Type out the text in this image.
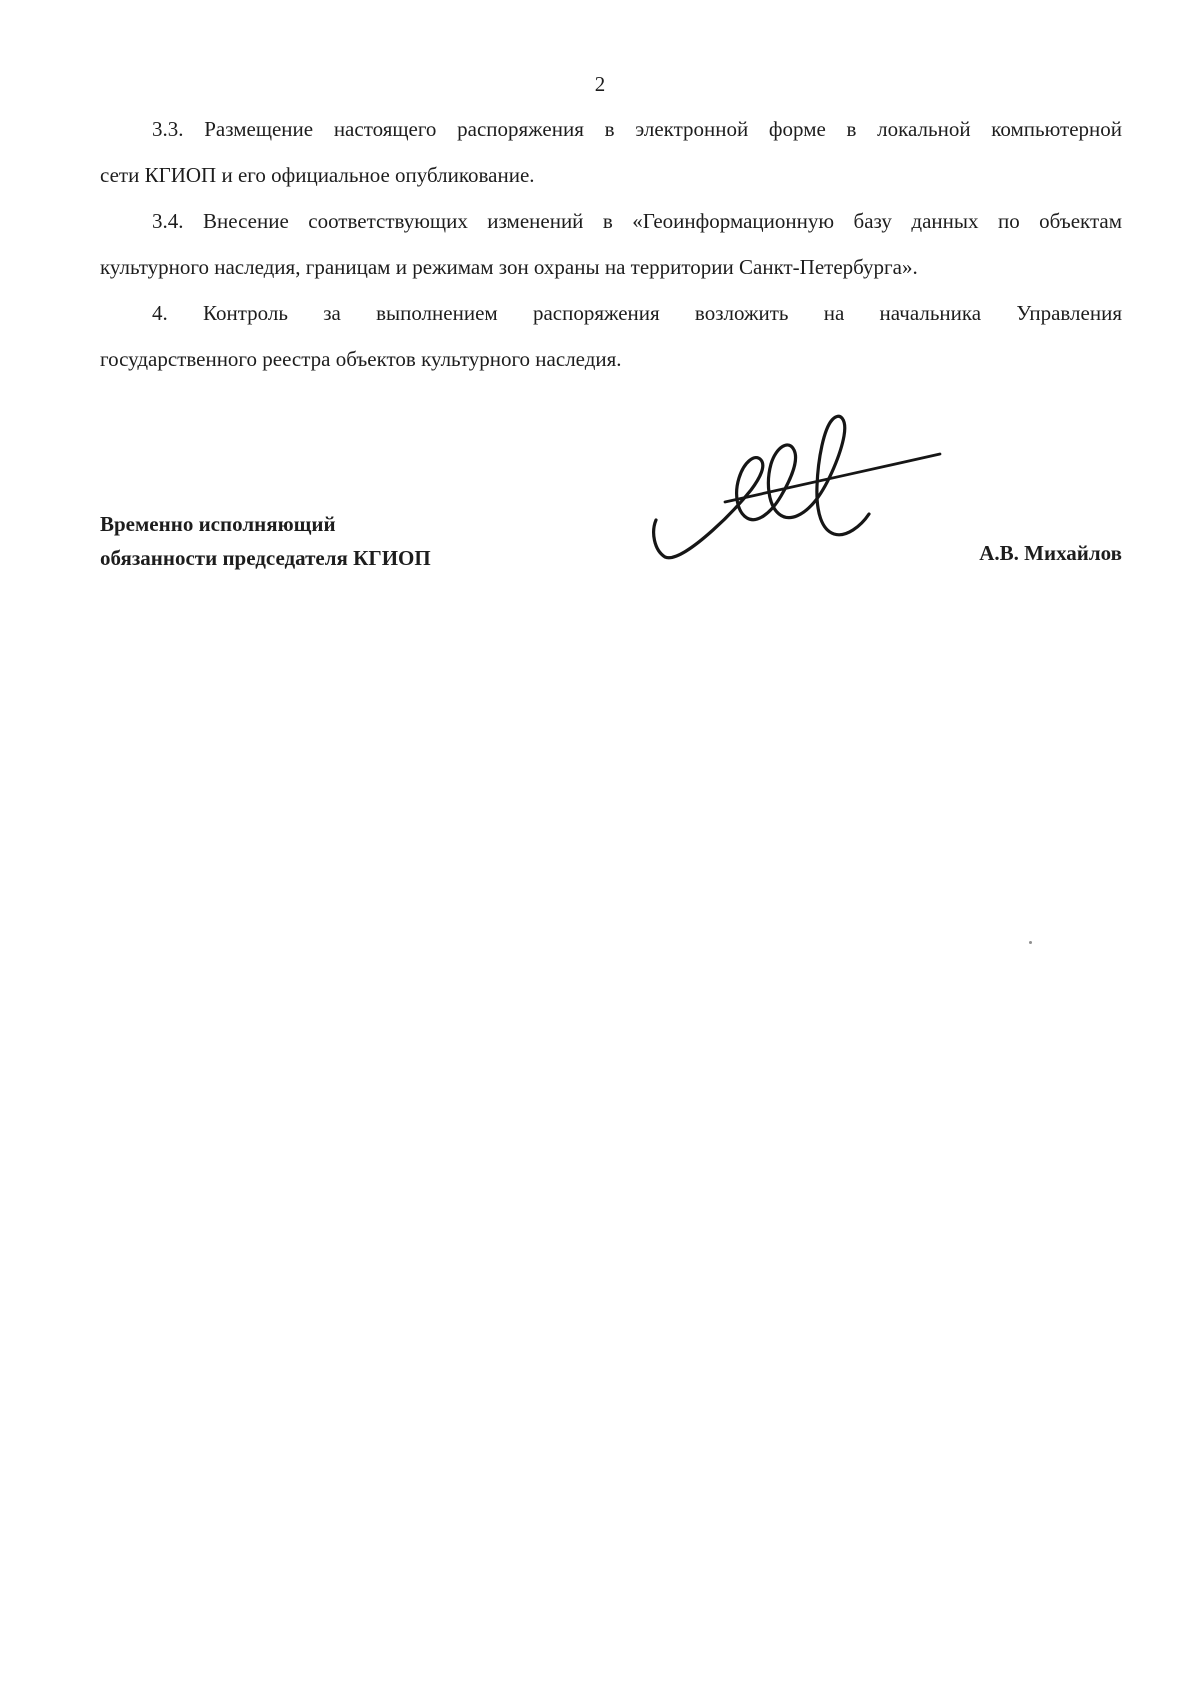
2
3.3. Размещение настоящего распоряжения в электронной форме в локальной компьютерной
сети КГИОП и его официальное опубликование.
3.4. Внесение соответствующих изменений в «Геоинформационную базу данных по объектам
культурного наследия, границам и режимам зон охраны на территории Санкт-Петербурга».
4. Контроль за выполнением распоряжения возложить на начальника Управления
государственного реестра объектов культурного наследия.
Временно исполняющий
обязанности председателя КГИОП	А.В. Михайлов
